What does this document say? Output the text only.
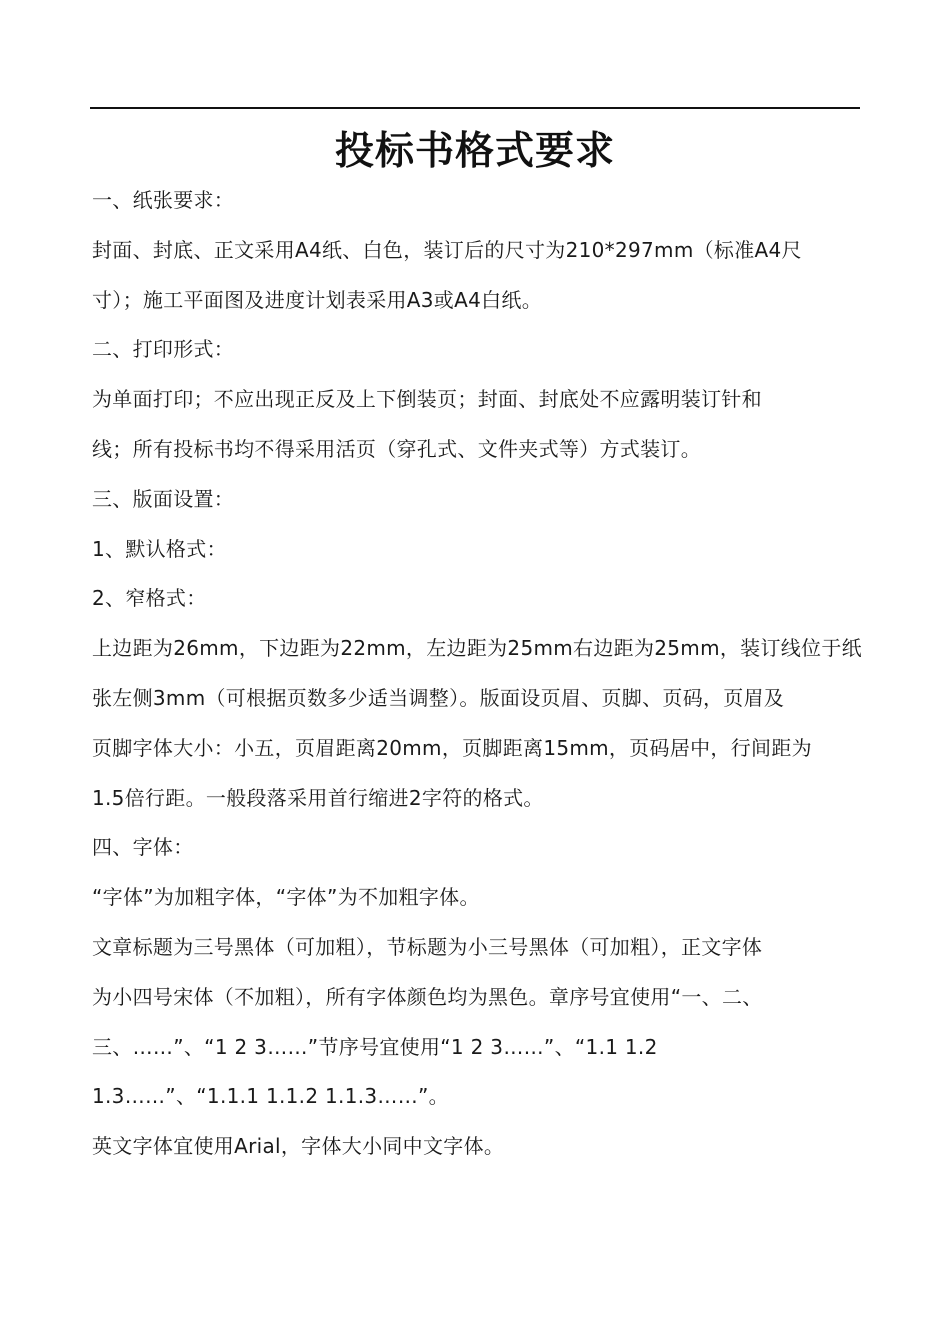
投标书格式要求
一、纸张要求：
封面、封底、正文采用A4纸、白色，装订后的尺寸为210*297mm（标准A4尺
寸）；施工平面图及进度计划表采用A3或A4白纸。
二、打印形式：
为单面打印；不应出现正反及上下倒装页；封面、封底处不应露明装订针和
线；所有投标书均不得采用活页（穿孔式、文件夹式等）方式装订。
三、版面设置：
1、默认格式：
2、窄格式：
上边距为26mm，下边距为22mm，左边距为25mm右边距为25mm，装订线位于纸
张左侧3mm（可根据页数多少适当调整）。版面设页眉、页脚、页码，页眉及
页脚字体大小：小五，页眉距离20mm，页脚距离15mm，页码居中，行间距为
1.5倍行距。一般段落采用首行缩进2字符的格式。
四、字体：
“字体”为加粗字体，“字体”为不加粗字体。
文章标题为三号黑体（可加粗），节标题为小三号黑体（可加粗），正文字体
为小四号宋体（不加粗），所有字体颜色均为黑色。章序号宜使用“一、二、
三、……”、“1 2 3……”节序号宜使用“1 2 3……”、“1.1 1.2
1.3……”、“1.1.1 1.1.2 1.1.3……”。
英文字体宜使用Arial，字体大小同中文字体。
